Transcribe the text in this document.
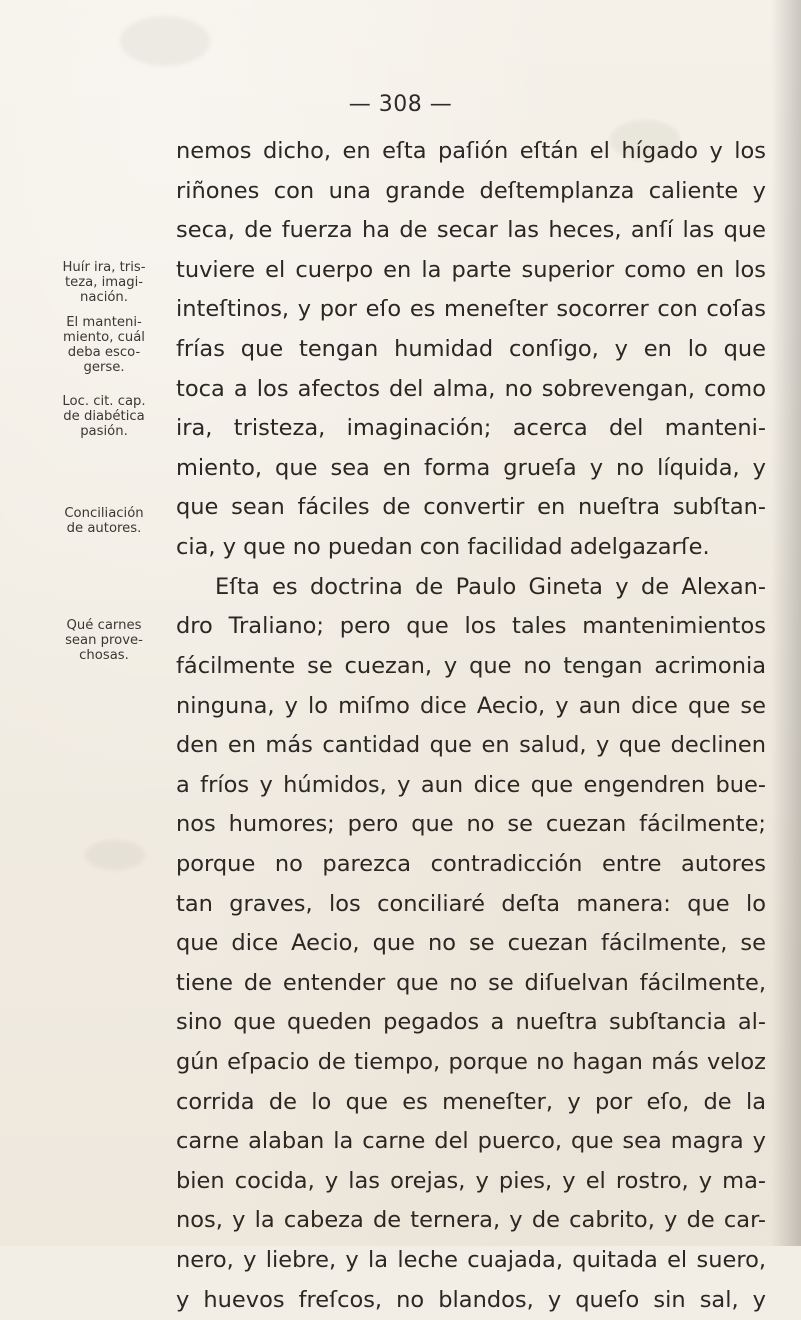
— 308 —
Huír ira, tris-
teza, imagi-
nación.
El manteni-
miento, cuál
deba esco-
gerse.
Loc. cit. cap.
de diabética
pasión.
Conciliación
de autores.
Qué carnes
sean prove-
chosas.
nemos dicho, en eſta paſión eſtán el hígado y los
riñones con una grande deſtemplanza caliente y
seca, de fuerza ha de secar las heces, anſí las que
tuviere el cuerpo en la parte superior como en los
inteſtinos, y por eſo es meneſter socorrer con coſas
frías que tengan humidad conſigo, y en lo que
toca a los afectos del alma, no sobrevengan, como
ira, tristeza, imaginación; acerca del manteni-
miento, que sea en forma grueſa y no líquida, y
que sean fáciles de convertir en nueſtra subſtan-
cia, y que no puedan con facilidad adelgazarſe.
Eſta es doctrina de Paulo Gineta y de Alexan-
dro Traliano; pero que los tales mantenimientos
fácilmente se cuezan, y que no tengan acrimonia
ninguna, y lo miſmo dice Aecio, y aun dice que se
den en más cantidad que en salud, y que declinen
a fríos y húmidos, y aun dice que engendren bue-
nos humores; pero que no se cuezan fácilmente;
porque no parezca contradicción entre autores
tan graves, los conciliaré deſta manera: que lo
que dice Aecio, que no se cuezan fácilmente, se
tiene de entender que no se diſuelvan fácilmente,
sino que queden pegados a nueſtra subſtancia al-
gún eſpacio de tiempo, porque no hagan más veloz
corrida de lo que es meneſter, y por eſo, de la
carne alaban la carne del puerco, que sea magra y
bien cocida, y las orejas, y pies, y el rostro, y ma-
nos, y la cabeza de ternera, y de cabrito, y de car-
nero, y liebre, y la leche cuajada, quitada el suero,
y huevos freſcos, no blandos, y queſo sin sal, y
